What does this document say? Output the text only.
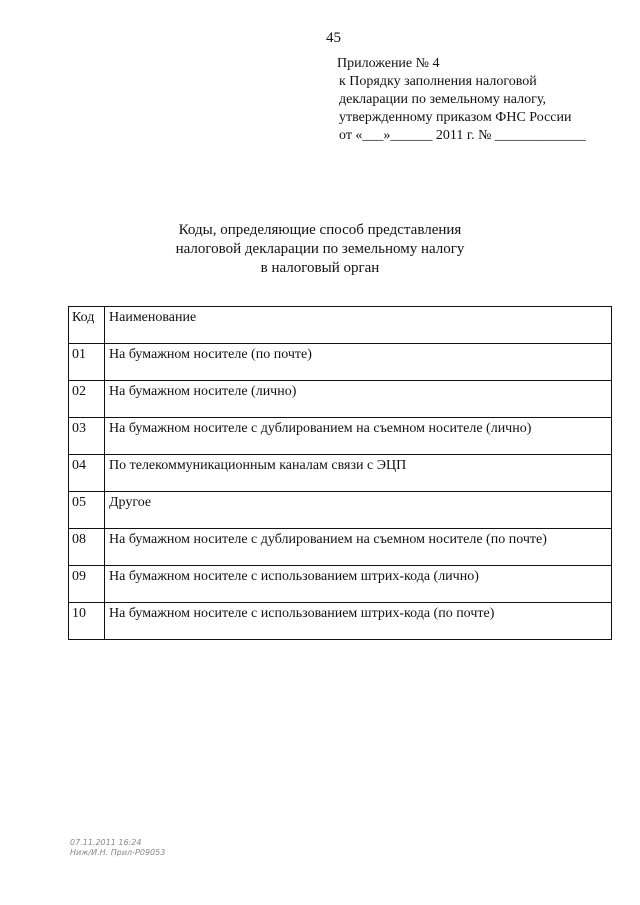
45
Приложение № 4
к Порядку заполнения налоговой
декларации по земельному налогу,
утвержденному приказом ФНС России
от «___»______ 2011 г. № _____________
Коды, определяющие способ представления
налоговой декларации по земельному налогу
в налоговый орган
Код	Наименование
01	На бумажном носителе (по почте)
02	На бумажном носителе (лично)
03	На бумажном носителе с дублированием на съемном носителе (лично)
04	По телекоммуникационным каналам связи с ЭЦП
05	Другое
08	На бумажном носителе с дублированием на съемном носителе (по почте)
09	На бумажном носителе с использованием штрих-кода (лично)
10	На бумажном носителе с использованием штрих-кода (по почте)
07.11.2011 16:24
Ниж/И.Н. Прил-Р09053
